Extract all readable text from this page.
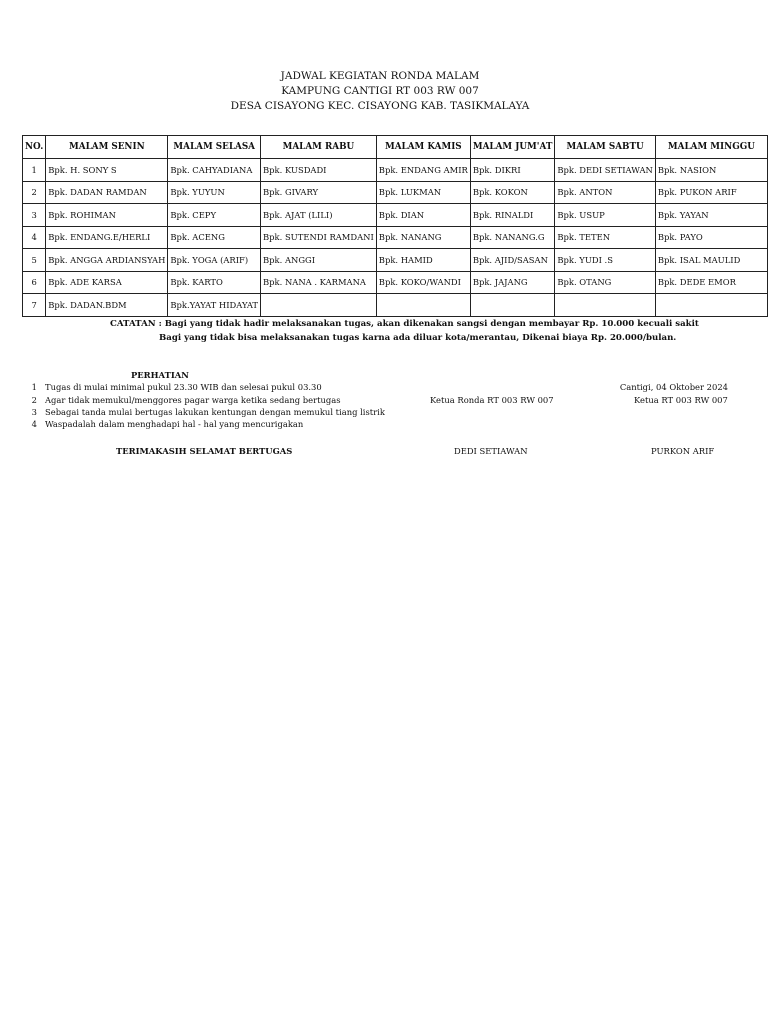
JADWAL KEGIATAN RONDA MALAM
KAMPUNG CANTIGI RT 003 RW 007
DESA CISAYONG KEC. CISAYONG KAB. TASIKMALAYA
NO.	MALAM SENIN	MALAM SELASA	MALAM RABU	MALAM KAMIS	MALAM JUM'AT	MALAM SABTU	MALAM MINGGU
1	Bpk. H. SONY S	Bpk. CAHYADIANA	Bpk. KUSDADI	Bpk. ENDANG AMIR	Bpk. DIKRI	Bpk. DEDI SETIAWAN	Bpk. NASION
2	Bpk. DADAN RAMDAN	Bpk. YUYUN	Bpk. GIVARY	Bpk. LUKMAN	Bpk. KOKON	Bpk. ANTON	Bpk. PUKON ARIF
3	Bpk. ROHIMAN	Bpk. CEPY	Bpk. AJAT (LILI)	Bpk. DIAN	Bpk. RINALDI	Bpk. USUP	Bpk. YAYAN
4	Bpk. ENDANG.E/HERLI	Bpk. ACENG	Bpk. SUTENDI RAMDANI	Bpk. NANANG	Bpk. NANANG.G	Bpk. TETEN	Bpk. PAYO
5	Bpk. ANGGA ARDIANSYAH	Bpk. YOGA (ARIF)	Bpk. ANGGI	Bpk. HAMID	Bpk. AJID/SASAN	Bpk. YUDI .S	Bpk. ISAL MAULID
6	Bpk. ADE KARSA	Bpk. KARTO	Bpk. NANA . KARMANA	Bpk. KOKO/WANDI	Bpk. JAJANG	Bpk. OTANG	Bpk. DEDE EMOR
7	Bpk. DADAN.BDM	Bpk.YAYAT HIDAYAT					
CATATAN : Bagi yang tidak hadir melaksanakan tugas, akan dikenakan sangsi dengan membayar Rp. 10.000 kecuali sakit
Bagi yang tidak bisa melaksanakan tugas karna ada diluar kota/merantau, Dikenai biaya Rp. 20.000/bulan.
PERHATIAN
1 Tugas di mulai minimal pukul 23.30 WIB dan selesai pukul 03.30
2 Agar tidak memukul/menggores pagar warga ketika sedang bertugas
3 Sebagai tanda mulai bertugas lakukan kentungan dengan memukul tiang listrik
4 Waspadalah dalam menghadapi hal - hal yang mencurigakan
Cantigi, 04 Oktober 2024
Ketua Ronda RT 003 RW 007	Ketua RT 003 RW 007
TERIMAKASIH SELAMAT BERTUGAS	DEDI SETIAWAN	PURKON ARIF
